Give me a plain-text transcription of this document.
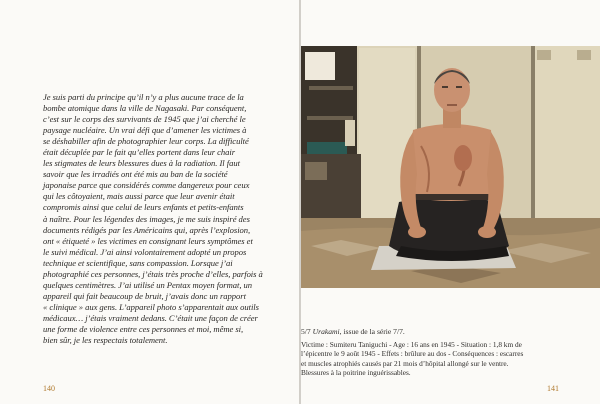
Je suis parti du principe qu’il n’y a plus aucune trace de la
bombe atomique dans la ville de Nagasaki. Par conséquent,
c’est sur le corps des survivants de 1945 que j’ai cherché le
paysage nucléaire. Un vrai défi que d’amener les victimes à
se déshabiller afin de photographier leur corps. La difficulté
était décuplée par le fait qu’elles portent dans leur chair
les stigmates de leurs blessures dues à la radiation. Il faut
savoir que les irradiés ont été mis au ban de la société
japonaise parce que considérés comme dangereux pour ceux
qui les côtoyaient, mais aussi parce que leur avenir était
compromis ainsi que celui de leurs enfants et petits-enfants
à naître. Pour les légendes des images, je me suis inspiré des
documents rédigés par les Américains qui, après l’explosion,
ont « étiqueté » les victimes en consignant leurs symptômes et
le suivi médical. J’ai ainsi volontairement adopté un propos
technique et scientifique, sans compassion. Lorsque j’ai
photographié ces personnes, j’étais très proche d’elles, parfois à
quelques centimètres. J’ai utilisé un Pentax moyen format, un
appareil qui fait beaucoup de bruit, j’avais donc un rapport
« clinique » aux gens. L’appareil photo s’apparentait aux outils
médicaux… j’étais vraiment dedans. C’était une façon de créer
une forme de violence entre ces personnes et moi, même si,
bien sûr, je les respectais totalement.

140
5/7 Urakami, issue de la série 7/7.
Victime : Sumiteru Taniguchi - Age : 16 ans en 1945 - Situation : 1,8 km de
l’épicentre le 9 août 1945 - Effets : brûlure au dos - Conséquences : escarres
et muscles atrophiés causés par 21 mois d’hôpital allongé sur le ventre.
Blessures à la poitrine inguérissables.
141
